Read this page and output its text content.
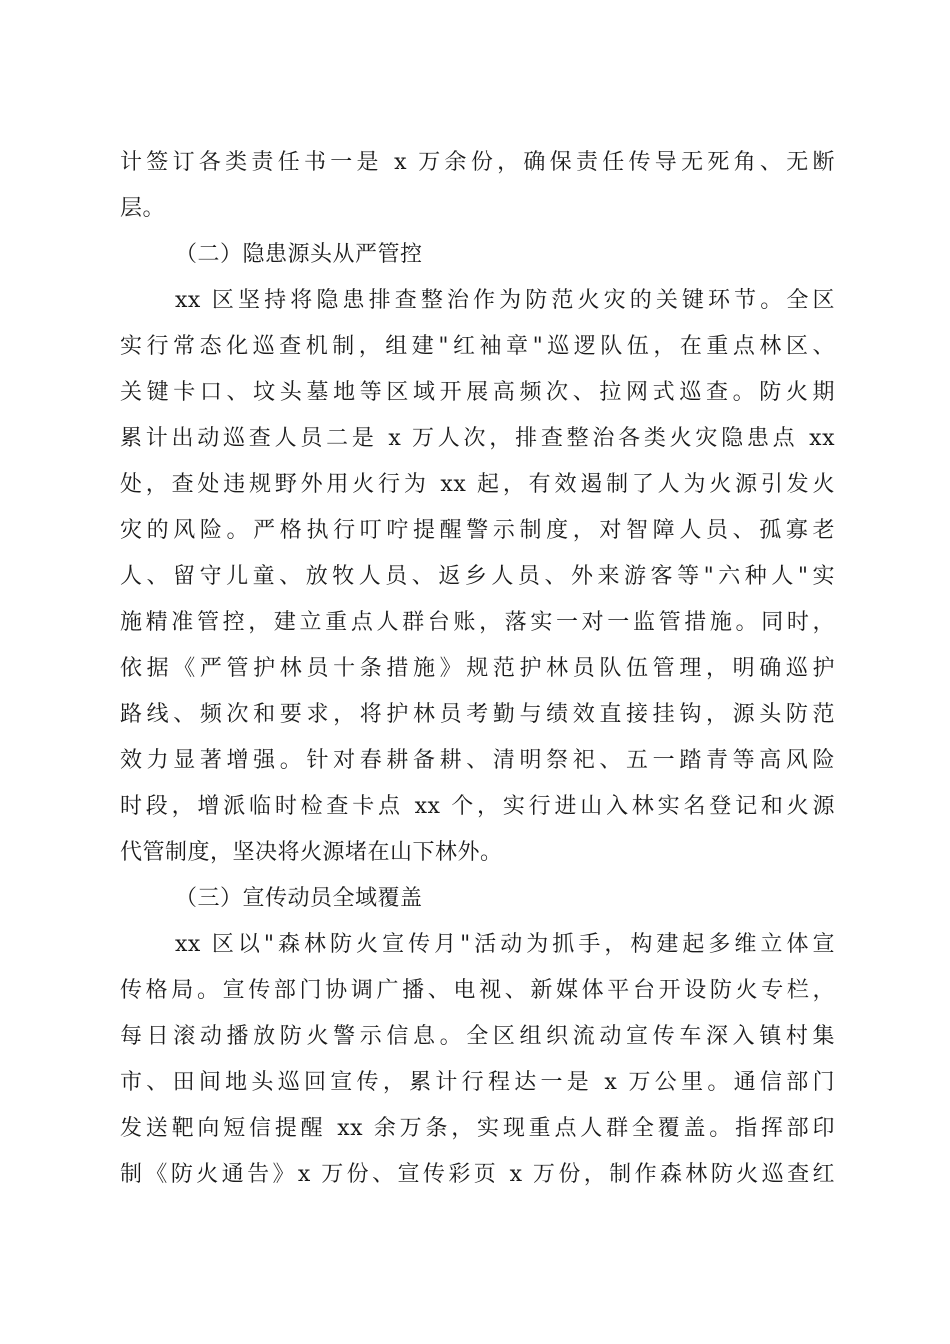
计签订各类责任书一是 x 万余份，确保责任传导无死角、无断
层。
（二）隐患源头从严管控
xx 区坚持将隐患排查整治作为防范火灾的关键环节。全区
实行常态化巡查机制，组建"红袖章"巡逻队伍，在重点林区、
关键卡口、坟头墓地等区域开展高频次、拉网式巡查。防火期
累计出动巡查人员二是 x 万人次，排查整治各类火灾隐患点 xx
处，查处违规野外用火行为 xx 起，有效遏制了人为火源引发火
灾的风险。严格执行叮咛提醒警示制度，对智障人员、孤寡老
人、留守儿童、放牧人员、返乡人员、外来游客等"六种人"实
施精准管控，建立重点人群台账，落实一对一监管措施。同时，
依据《严管护林员十条措施》规范护林员队伍管理，明确巡护
路线、频次和要求，将护林员考勤与绩效直接挂钩，源头防范
效力显著增强。针对春耕备耕、清明祭祀、五一踏青等高风险
时段，增派临时检查卡点 xx 个，实行进山入林实名登记和火源
代管制度，坚决将火源堵在山下林外。
（三）宣传动员全域覆盖
xx 区以"森林防火宣传月"活动为抓手，构建起多维立体宣
传格局。宣传部门协调广播、电视、新媒体平台开设防火专栏，
每日滚动播放防火警示信息。全区组织流动宣传车深入镇村集
市、田间地头巡回宣传，累计行程达一是 x 万公里。通信部门
发送靶向短信提醒 xx 余万条，实现重点人群全覆盖。指挥部印
制《防火通告》x 万份、宣传彩页 x 万份，制作森林防火巡查红
